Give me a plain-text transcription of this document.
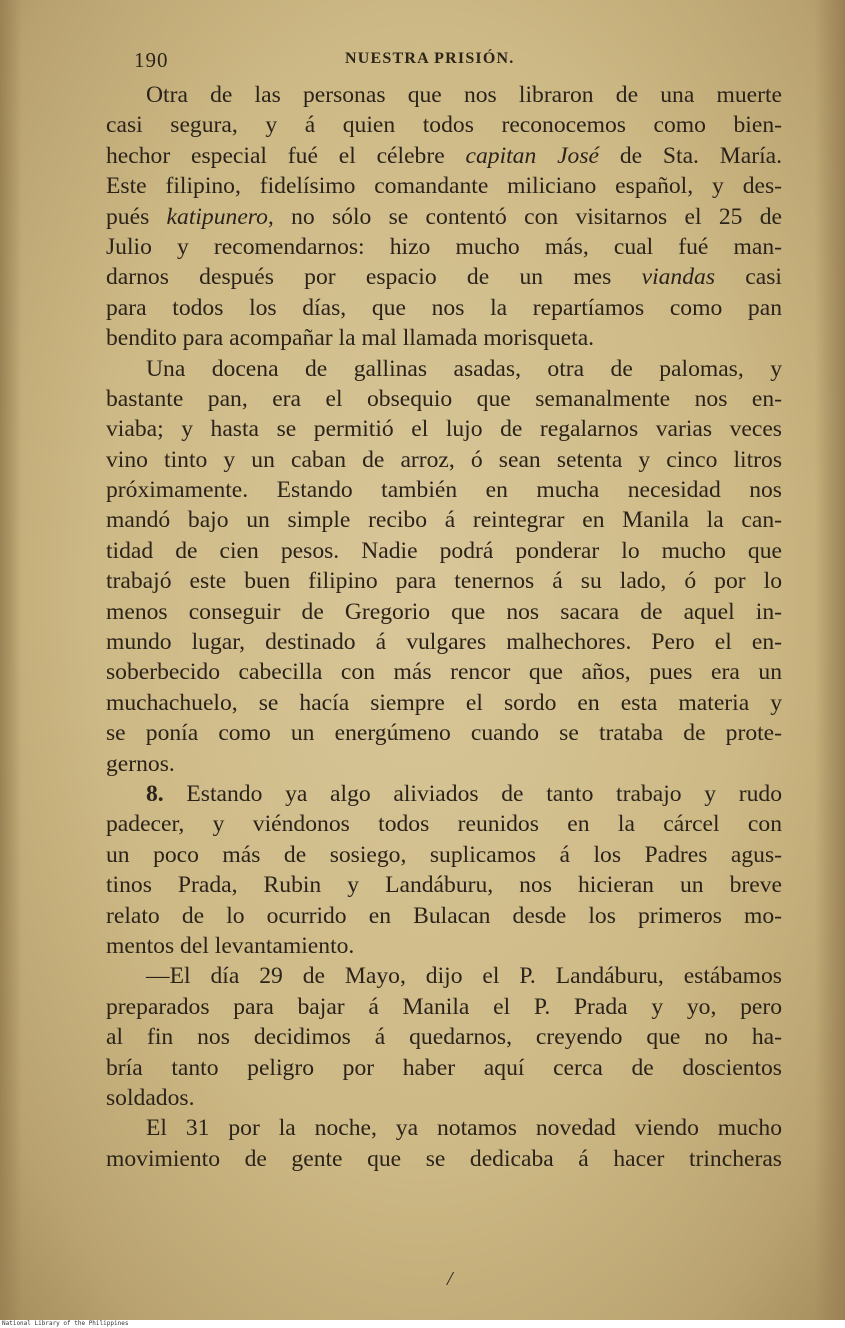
190	NUESTRA PRISIÓN.
Otra de las personas que nos libraron de una muerte
casi segura, y á quien todos reconocemos como bien-
hechor especial fué el célebre capitan José de Sta. María.
Este filipino, fidelísimo comandante miliciano español, y des-
pués katipunero, no sólo se contentó con visitarnos el 25 de
Julio y recomendarnos: hizo mucho más, cual fué man-
darnos después por espacio de un mes viandas casi
para todos los días, que nos la repartíamos como pan
bendito para acompañar la mal llamada morisqueta.
Una docena de gallinas asadas, otra de palomas, y
bastante pan, era el obsequio que semanalmente nos en-
viaba; y hasta se permitió el lujo de regalarnos varias veces
vino tinto y un caban de arroz, ó sean setenta y cinco litros
próximamente. Estando también en mucha necesidad nos
mandó bajo un simple recibo á reintegrar en Manila la can-
tidad de cien pesos. Nadie podrá ponderar lo mucho que
trabajó este buen filipino para tenernos á su lado, ó por lo
menos conseguir de Gregorio que nos sacara de aquel in-
mundo lugar, destinado á vulgares malhechores. Pero el en-
soberbecido cabecilla con más rencor que años, pues era un
muchachuelo, se hacía siempre el sordo en esta materia y
se ponía como un energúmeno cuando se trataba de prote-
gernos.
8. Estando ya algo aliviados de tanto trabajo y rudo
padecer, y viéndonos todos reunidos en la cárcel con
un poco más de sosiego, suplicamos á los Padres agus-
tinos Prada, Rubin y Landáburu, nos hicieran un breve
relato de lo ocurrido en Bulacan desde los primeros mo-
mentos del levantamiento.
—El día 29 de Mayo, dijo el P. Landáburu, estábamos
preparados para bajar á Manila el P. Prada y yo, pero
al fin nos decidimos á quedarnos, creyendo que no ha-
bría tanto peligro por haber aquí cerca de doscientos
soldados.
El 31 por la noche, ya notamos novedad viendo mucho
movimiento de gente que se dedicaba á hacer trincheras
/
National Library of the Philippines
